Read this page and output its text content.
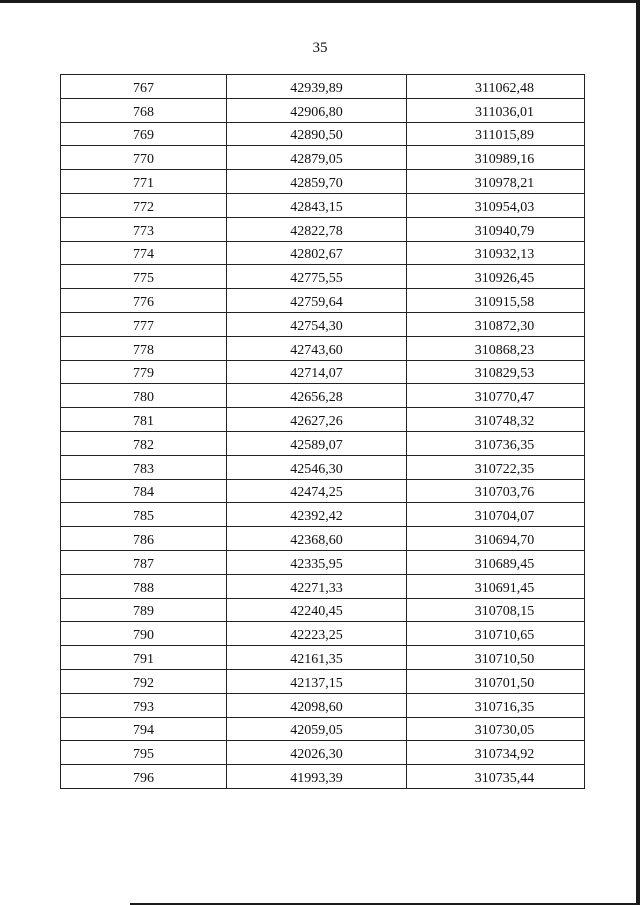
35
767	42939,89	311062,48
768	42906,80	311036,01
769	42890,50	311015,89
770	42879,05	310989,16
771	42859,70	310978,21
772	42843,15	310954,03
773	42822,78	310940,79
774	42802,67	310932,13
775	42775,55	310926,45
776	42759,64	310915,58
777	42754,30	310872,30
778	42743,60	310868,23
779	42714,07	310829,53
780	42656,28	310770,47
781	42627,26	310748,32
782	42589,07	310736,35
783	42546,30	310722,35
784	42474,25	310703,76
785	42392,42	310704,07
786	42368,60	310694,70
787	42335,95	310689,45
788	42271,33	310691,45
789	42240,45	310708,15
790	42223,25	310710,65
791	42161,35	310710,50
792	42137,15	310701,50
793	42098,60	310716,35
794	42059,05	310730,05
795	42026,30	310734,92
796	41993,39	310735,44
